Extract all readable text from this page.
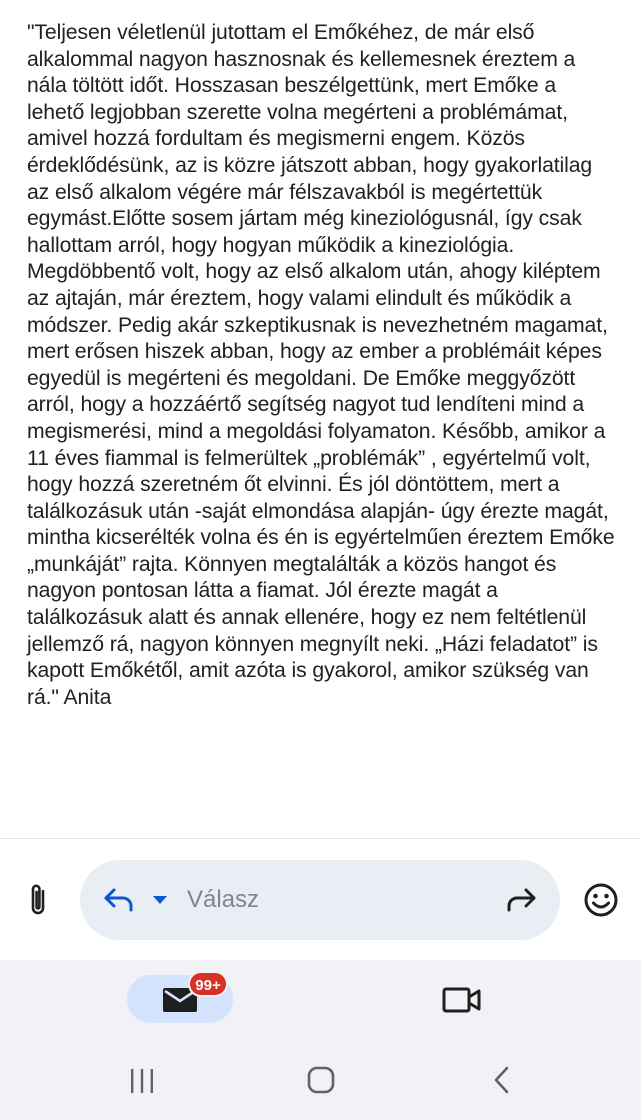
"Teljesen véletlenül jutottam el Emőkéhez, de már első alkalommal nagyon hasznosnak és kellemesnek éreztem a nála töltött időt. Hosszasan beszélgettünk, mert Emőke a lehető legjobban szerette volna megérteni a problémámat, amivel hozzá fordultam és megismerni engem. Közös érdeklődésünk, az is közre játszott abban, hogy gyakorlatilag az első alkalom végére már félszavakból is megértettük egymást.Előtte sosem jártam még kineziológusnál, így csak hallottam arról, hogy hogyan működik a kineziológia. Megdöbbentő volt, hogy az első alkalom után, ahogy kiléptem az ajtaján, már éreztem, hogy valami elindult és működik a módszer. Pedig akár szkeptikusnak is nevezhetném magamat, mert erősen hiszek abban, hogy az ember a problémáit képes egyedül is megérteni és megoldani. De Emőke meggyőzött arról, hogy a hozzáértő segítség nagyot tud lendíteni mind a megismerési, mind a megoldási folyamaton. Később, amikor a 11 éves fiammal is felmerültek „problémák” , egyértelmű volt, hogy hozzá szeretném őt elvinni. És jól döntöttem, mert a találkozásuk után -saját elmondása alapján- úgy érezte magát, mintha kicserélték volna és én is egyértelműen éreztem Emőke „munkáját” rajta. Könnyen megtalálták a közös hangot és nagyon pontosan látta a fiamat. Jól érezte magát a találkozásuk alatt és annak ellenére, hogy ez nem feltétlenül jellemző rá, nagyon könnyen megnyílt neki. „Házi feladatot” is kapott Emőkétől, amit azóta is gyakorol, amikor szükség van rá." Anita
Válasz
99+
